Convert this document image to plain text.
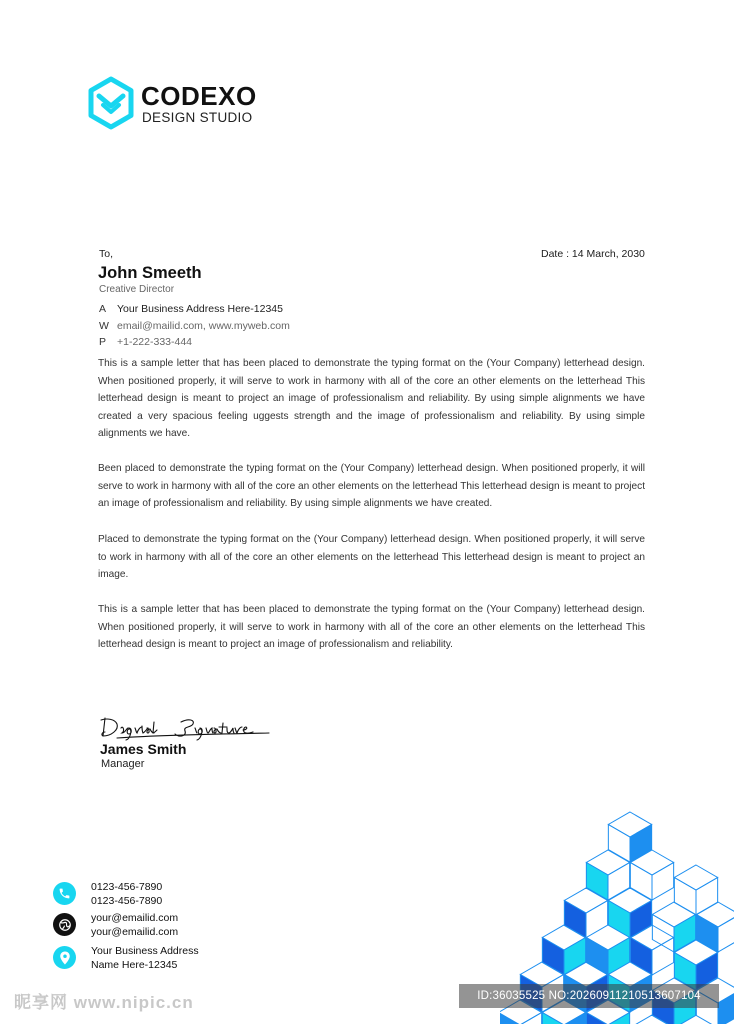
CODEXO
DESIGN STUDIO
To,	Date : 14 March, 2030
John Smeeth
Creative Director
A Your Business Address Here-12345
W email@mailid.com, www.myweb.com
P +1-222-333-444
This is a sample letter that has been placed to demonstrate the typing format on the (Your Company) letterhead design. When positioned properly, it will serve to work in harmony with all of the core an other elements on the letterhead This letterhead design is meant to project an image of professionalism and reliability. By using simple alignments we have created a very spacious feeling uggests strength and the image of professionalism and reliability. By using simple alignments we have.
Been placed to demonstrate the typing format on the (Your Company) letterhead design. When positioned properly, it will serve to work in harmony with all of the core an other elements on the letterhead This letterhead design is meant to project an image of professionalism and reliability. By using simple alignments we have created.
Placed to demonstrate the typing format on the (Your Company) letterhead design. When positioned properly, it will serve to work in harmony with all of the core an other elements on the letterhead This letterhead design is meant to project an image.
This is a sample letter that has been placed to demonstrate the typing format on the (Your Company) letterhead design. When positioned properly, it will serve to work in harmony with all of the core an other elements on the letterhead This letterhead design is meant to project an image of professionalism and reliability.
James Smith
Manager
0123-456-7890
0123-456-7890
your@emailid.com
your@emailid.com
Your Business Address
Name Here-12345
昵享网 www.nipic.cn	ID:36035525 NO:20260911210513607104
